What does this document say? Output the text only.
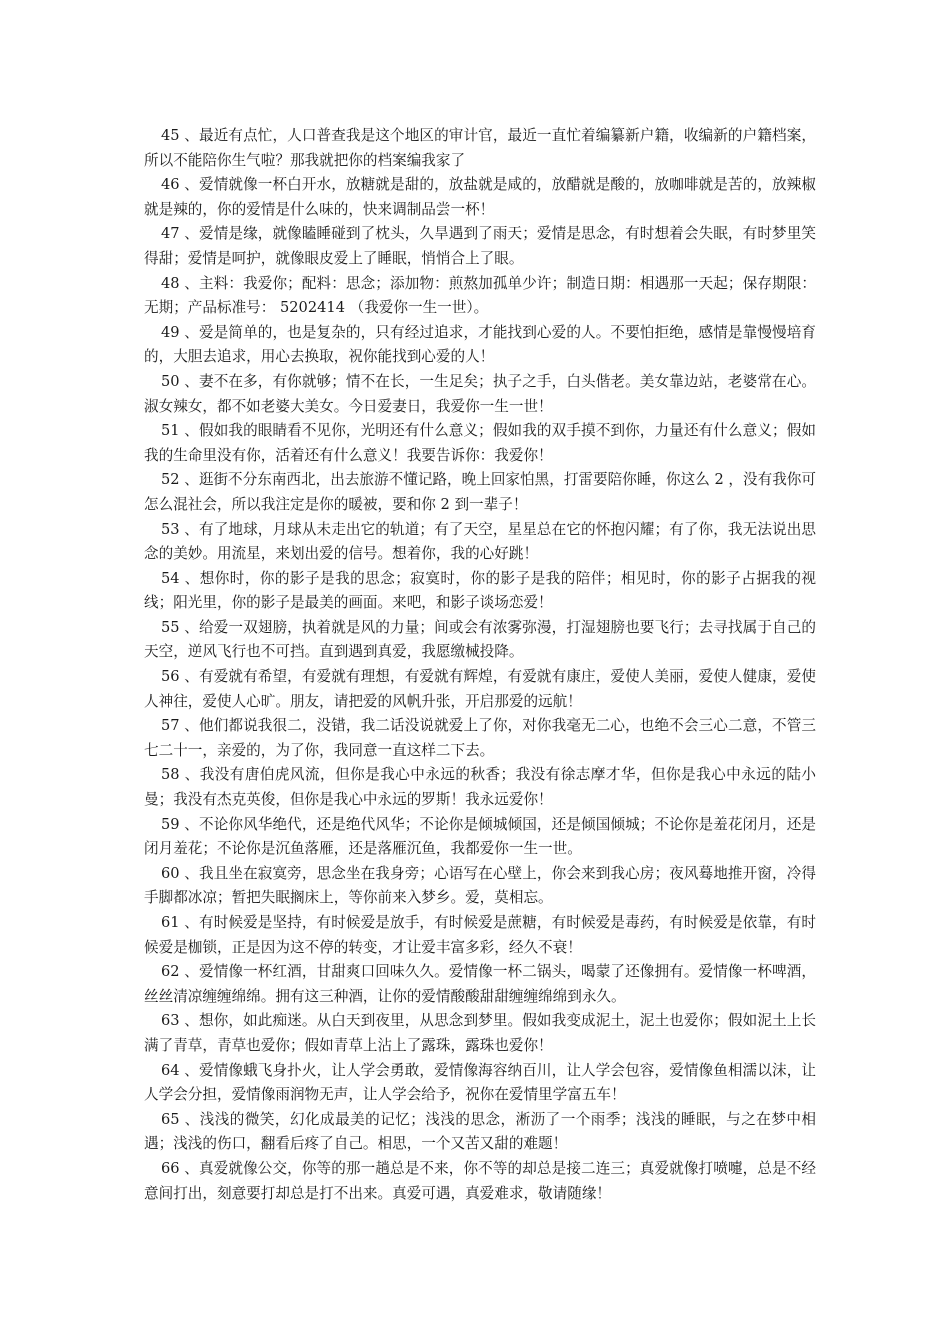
45 、最近有点忙，人口普查我是这个地区的审计官，最近一直忙着编纂新户籍，收编新的户籍档案，所以不能陪你生气啦？那我就把你的档案编我家了

46 、爱情就像一杯白开水，放糖就是甜的，放盐就是咸的，放醋就是酸的，放咖啡就是苦的，放辣椒就是辣的，你的爱情是什么味的，快来调制品尝一杯！

47 、爱情是缘，就像瞌睡碰到了枕头，久旱遇到了雨天；爱情是思念，有时想着会失眠，有时梦里笑得甜；爱情是呵护，就像眼皮爱上了睡眠，悄悄合上了眼。

48 、主料：我爱你；配料：思念；添加物：煎熬加孤单少许；制造日期：相遇那一天起；保存期限：无期；产品标准号： 5202414 （我爱你一生一世）。

49 、爱是简单的，也是复杂的，只有经过追求，才能找到心爱的人。不要怕拒绝，感情是靠慢慢培育的，大胆去追求，用心去换取，祝你能找到心爱的人！

50 、妻不在多，有你就够；情不在长，一生足矣；执子之手，白头偕老。美女靠边站，老婆常在心。淑女辣女，都不如老婆大美女。今日爱妻日，我爱你一生一世！

51 、假如我的眼睛看不见你，光明还有什么意义；假如我的双手摸不到你，力量还有什么意义；假如我的生命里没有你，活着还有什么意义！我要告诉你：我爱你！

52 、逛街不分东南西北，出去旅游不懂记路，晚上回家怕黑，打雷要陪你睡，你这么 2 ，没有我你可怎么混社会，所以我注定是你的暖被，要和你 2 到一辈子！

53 、有了地球，月球从未走出它的轨道；有了天空，星星总在它的怀抱闪耀；有了你，我无法说出思念的美妙。用流星，来划出爱的信号。想着你，我的心好跳！

54 、想你时，你的影子是我的思念；寂寞时，你的影子是我的陪伴；相见时，你的影子占据我的视线；阳光里，你的影子是最美的画面。来吧，和影子谈场恋爱！

55 、给爱一双翅膀，执着就是风的力量；间或会有浓雾弥漫，打湿翅膀也要飞行；去寻找属于自己的天空，逆风飞行也不可挡。直到遇到真爱，我愿缴械投降。

56 、有爱就有希望，有爱就有理想，有爱就有辉煌，有爱就有康庄，爱使人美丽，爱使人健康，爱使人神往，爱使人心旷。朋友，请把爱的风帆升张，开启那爱的远航！

57 、他们都说我很二，没错，我二话没说就爱上了你，对你我毫无二心，也绝不会三心二意，不管三七二十一，亲爱的，为了你，我同意一直这样二下去。

58 、我没有唐伯虎风流，但你是我心中永远的秋香；我没有徐志摩才华，但你是我心中永远的陆小曼；我没有杰克英俊，但你是我心中永远的罗斯！我永远爱你！

59 、不论你风华绝代，还是绝代风华；不论你是倾城倾国，还是倾国倾城；不论你是羞花闭月，还是闭月羞花；不论你是沉鱼落雁，还是落雁沉鱼，我都爱你一生一世。

60 、我且坐在寂寞旁，思念坐在我身旁；心语写在心壁上，你会来到我心房；夜风蓦地推开窗，冷得手脚都冰凉；暂把失眠搁床上，等你前来入梦乡。爱，莫相忘。

61 、有时候爱是坚持，有时候爱是放手，有时候爱是蔗糖，有时候爱是毒药，有时候爱是依靠，有时候爱是枷锁，正是因为这不停的转变，才让爱丰富多彩，经久不衰！

62 、爱情像一杯红酒，甘甜爽口回味久久。爱情像一杯二锅头，喝蒙了还像拥有。爱情像一杯啤酒，丝丝清凉缠缠绵绵。拥有这三种酒，让你的爱情酸酸甜甜缠缠绵绵到永久。

63 、想你，如此痴迷。从白天到夜里，从思念到梦里。假如我变成泥土，泥土也爱你；假如泥土上长满了青草，青草也爱你；假如青草上沾上了露珠，露珠也爱你！

64 、爱情像蛾飞身扑火，让人学会勇敢，爱情像海容纳百川，让人学会包容，爱情像鱼相濡以沫，让人学会分担，爱情像雨润物无声，让人学会给予，祝你在爱情里学富五车！

65 、浅浅的微笑，幻化成最美的记忆；浅浅的思念，淅沥了一个雨季；浅浅的睡眠，与之在梦中相遇；浅浅的伤口，翻看后疼了自己。相思，一个又苦又甜的难题！

66 、真爱就像公交，你等的那一趟总是不来，你不等的却总是接二连三；真爱就像打喷嚏，总是不经意间打出，刻意要打却总是打不出来。真爱可遇，真爱难求，敬请随缘！
